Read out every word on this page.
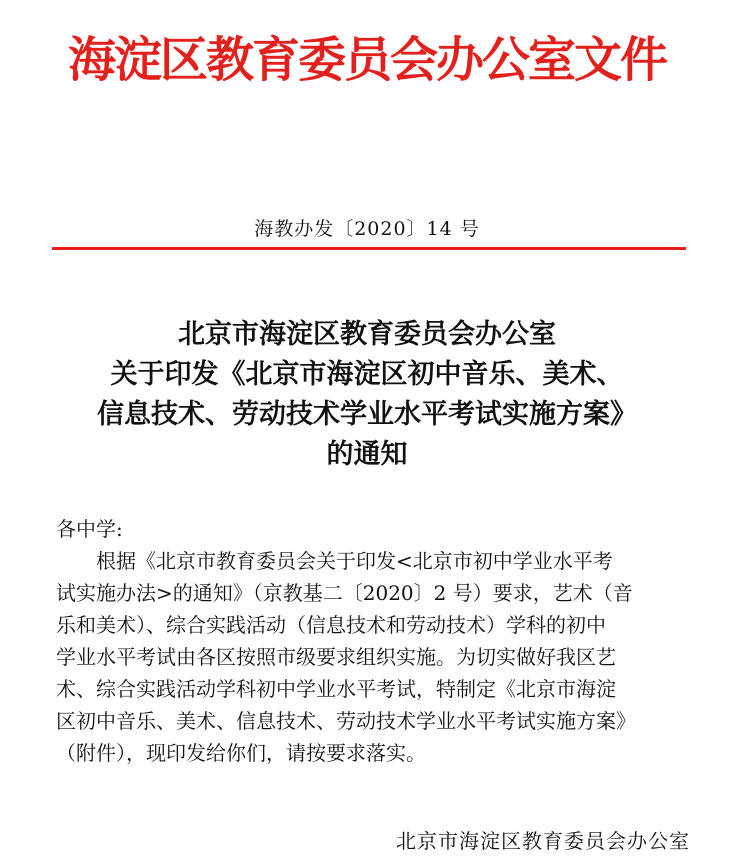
海淀区教育委员会办公室文件
海教办发〔2020〕14 号
北京市海淀区教育委员会办公室
关于印发《北京市海淀区初中音乐、美术、
信息技术、劳动技术学业水平考试实施方案》
的通知
各中学:
根据《北京市教育委员会关于印发<北京市初中学业水平考
试实施办法>的通知》（京教基二〔2020〕2 号）要求，艺术（音
乐和美术）、综合实践活动（信息技术和劳动技术）学科的初中
学业水平考试由各区按照市级要求组织实施。为切实做好我区艺
术、综合实践活动学科初中学业水平考试，特制定《北京市海淀
区初中音乐、美术、信息技术、劳动技术学业水平考试实施方案》
（附件），现印发给你们，请按要求落实。
北京市海淀区教育委员会办公室
